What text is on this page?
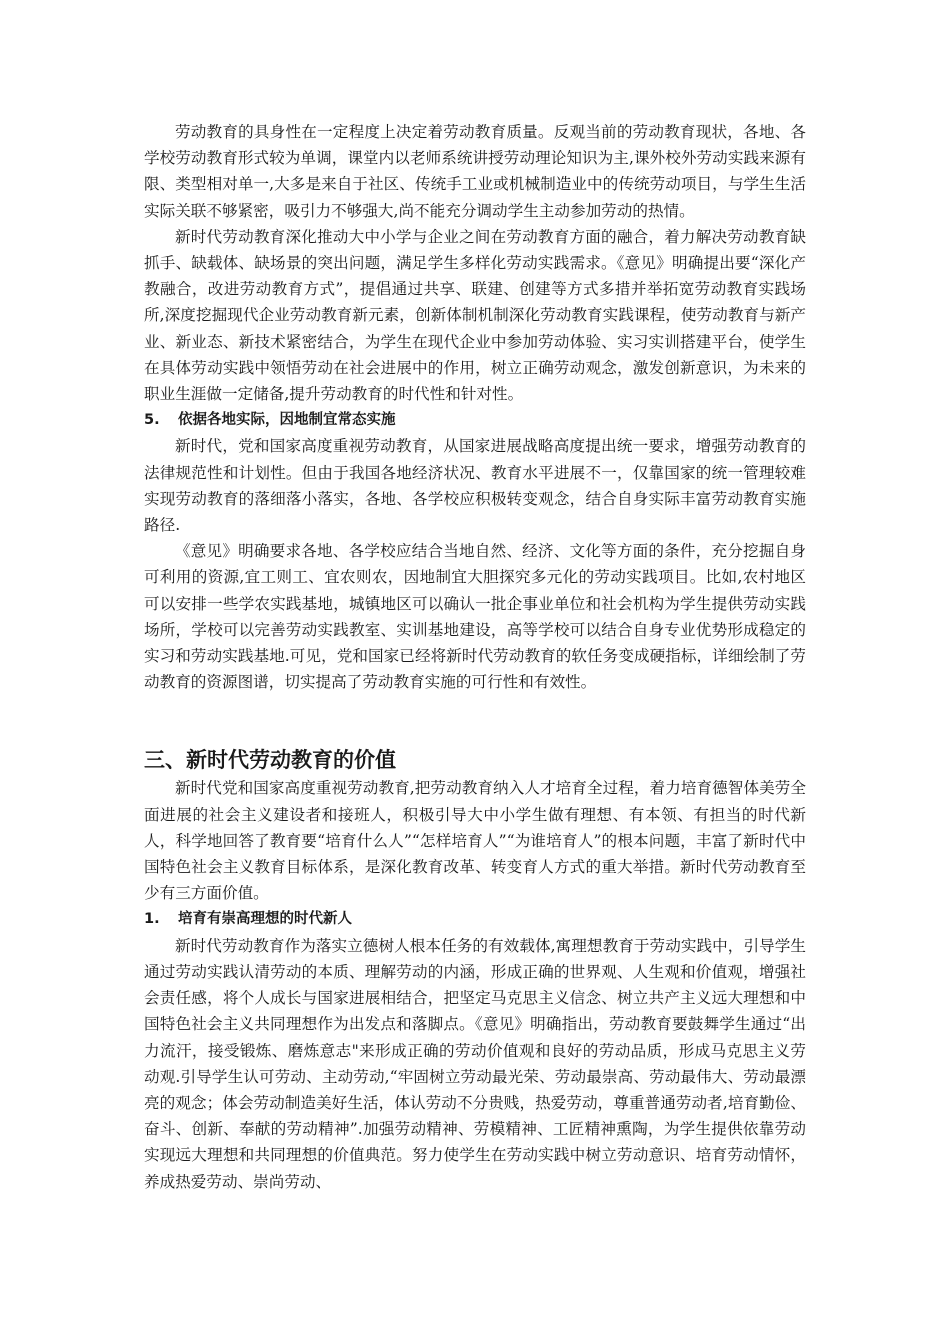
劳动教育的具身性在一定程度上决定着劳动教育质量。反观当前的劳动教育现状，各地、各学校劳动教育形式较为单调，课堂内以老师系统讲授劳动理论知识为主,课外校外劳动实践来源有限、类型相对单一,大多是来自于社区、传统手工业或机械制造业中的传统劳动项目，与学生生活实际关联不够紧密，吸引力不够强大,尚不能充分调动学生主动参加劳动的热情。

新时代劳动教育深化推动大中小学与企业之间在劳动教育方面的融合，着力解决劳动教育缺抓手、缺载体、缺场景的突出问题，满足学生多样化劳动实践需求。《意见》明确提出要“深化产教融合，改进劳动教育方式”，提倡通过共享、联建、创建等方式多措并举拓宽劳动教育实践场所,深度挖掘现代企业劳动教育新元素，创新体制机制深化劳动教育实践课程，使劳动教育与新产业、新业态、新技术紧密结合，为学生在现代企业中参加劳动体验、实习实训搭建平台，使学生在具体劳动实践中领悟劳动在社会进展中的作用，树立正确劳动观念，激发创新意识，为未来的职业生涯做一定储备,提升劳动教育的时代性和针对性。

5. 依据各地实际，因地制宜常态实施

新时代，党和国家高度重视劳动教育，从国家进展战略高度提出统一要求，增强劳动教育的法律规范性和计划性。但由于我国各地经济状况、教育水平进展不一，仅靠国家的统一管理较难实现劳动教育的落细落小落实，各地、各学校应积极转变观念，结合自身实际丰富劳动教育实施路径.

《意见》明确要求各地、各学校应结合当地自然、经济、文化等方面的条件，充分挖掘自身可利用的资源,宜工则工、宜农则农，因地制宜大胆探究多元化的劳动实践项目。比如,农村地区可以安排一些学农实践基地，城镇地区可以确认一批企事业单位和社会机构为学生提供劳动实践场所，学校可以完善劳动实践教室、实训基地建设，高等学校可以结合自身专业优势形成稳定的实习和劳动实践基地.可见，党和国家已经将新时代劳动教育的软任务变成硬指标，详细绘制了劳动教育的资源图谱，切实提高了劳动教育实施的可行性和有效性。

三、新时代劳动教育的价值

新时代党和国家高度重视劳动教育,把劳动教育纳入人才培育全过程，着力培育德智体美劳全面进展的社会主义建设者和接班人，积极引导大中小学生做有理想、有本领、有担当的时代新人，科学地回答了教育要“培育什么人”“怎样培育人”“为谁培育人”的根本问题，丰富了新时代中国特色社会主义教育目标体系，是深化教育改革、转变育人方式的重大举措。新时代劳动教育至少有三方面价值。

1. 培育有崇高理想的时代新人

新时代劳动教育作为落实立德树人根本任务的有效载体,寓理想教育于劳动实践中，引导学生通过劳动实践认清劳动的本质、理解劳动的内涵，形成正确的世界观、人生观和价值观，增强社会责任感，将个人成长与国家进展相结合，把坚定马克思主义信念、树立共产主义远大理想和中国特色社会主义共同理想作为出发点和落脚点。《意见》明确指出，劳动教育要鼓舞学生通过“出力流汗，接受锻炼、磨炼意志"来形成正确的劳动价值观和良好的劳动品质，形成马克思主义劳动观.引导学生认可劳动、主动劳动,“牢固树立劳动最光荣、劳动最崇高、劳动最伟大、劳动最漂亮的观念；体会劳动制造美好生活，体认劳动不分贵贱，热爱劳动，尊重普通劳动者,培育勤俭、奋斗、创新、奉献的劳动精神”.加强劳动精神、劳模精神、工匠精神熏陶，为学生提供依靠劳动实现远大理想和共同理想的价值典范。努力使学生在劳动实践中树立劳动意识、培育劳动情怀，养成热爱劳动、崇尚劳动、
